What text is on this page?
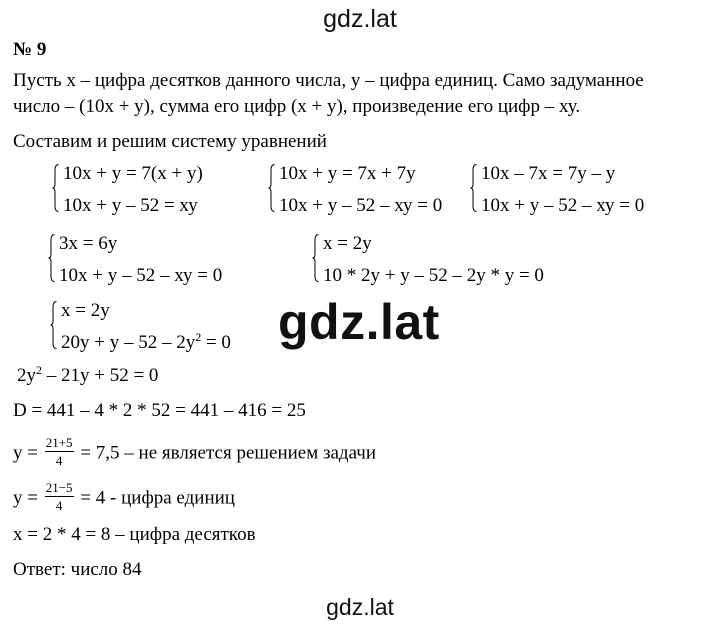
gdz.lat
№ 9
Пусть х – цифра десятков данного числа, у – цифра единиц. Само задуманное
число – (10х + у), сумма его цифр (х + у), произведение его цифр – ху.
Составим и решим систему уравнений
10х + у = 7(х + у)
10х + у – 52 = ху
10х + у = 7х + 7у
10х + у – 52 – ху = 0
10х – 7х = 7у – у
10х + у – 52 – ху = 0
3х = 6у
10х + у – 52 – ху = 0
х = 2у
10 * 2у + у – 52 – 2у * у = 0
х = 2у
$20у + у - 52 - 2у^2 = 0$ gdz.lat
$2у^2 - 21у + 52 = 0$
D = 441 – 4 * 2 * 52 = 441 – 416 = 25
$у = \frac{21+5}{4} = 7,5$ – не является решением задачи
$у = \frac{21-5}{4} = 4$ - цифра единиц
х = 2 * 4 = 8 – цифра десятков
Ответ: число 84
gdz.lat
